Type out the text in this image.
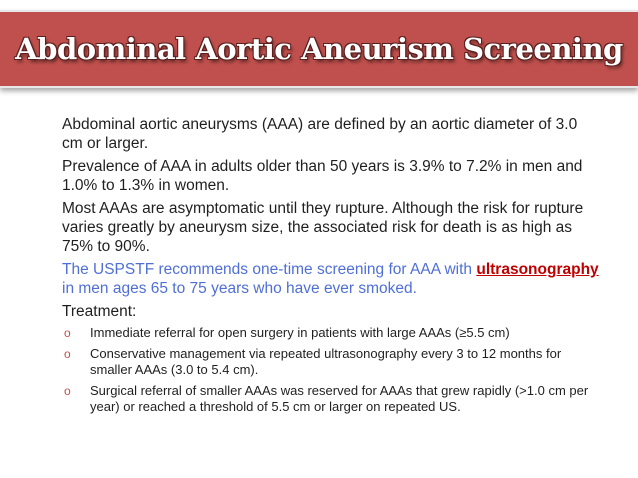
Abdominal Aortic Aneurism Screening
Abdominal aortic aneurysms (AAA) are defined by an aortic diameter of 3.0 cm or larger.
Prevalence of AAA in adults older than 50 years is 3.9% to 7.2% in men and 1.0% to 1.3% in women.
Most AAAs are asymptomatic until they rupture. Although the risk for rupture varies greatly by aneurysm size, the associated risk for death is as high as 75% to 90%.
The USPSTF recommends one-time screening for AAA with ultrasonography in men ages 65 to 75 years who have ever smoked.
Treatment:
o Immediate referral for open surgery in patients with large AAAs (≥5.5 cm)
o Conservative management via repeated ultrasonography every 3 to 12 months for smaller AAAs (3.0 to 5.4 cm).
o Surgical referral of smaller AAAs was reserved for AAAs that grew rapidly (>1.0 cm per year) or reached a threshold of 5.5 cm or larger on repeated US.
